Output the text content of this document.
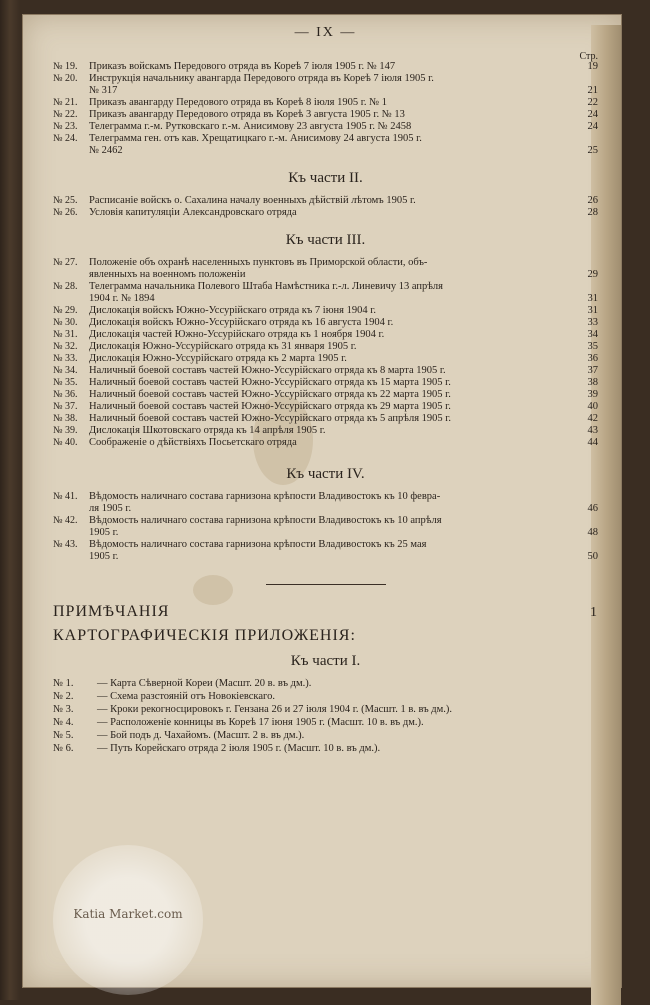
— IX —
Стр.
№ 19.	Приказъ войскамъ Передового отряда въ Корeѣ 7 іюля 1905 г. № 147	19
№ 20.	Инструкція начальнику авангарда Передового отряда въ Корeѣ 7 іюля 1905 г.
№ 317	21
№ 21.	Приказъ авангарду Передового отряда въ Корeѣ 8 іюля 1905 г. № 1	22
№ 22.	Приказъ авангарду Передового отряда въ Корeѣ 3 августа 1905 г. № 13	24
№ 23.	Телеграмма г.-м. Рутковскаго г.-м. Анисимову 23 августа 1905 г. № 2458	24
№ 24.	Телеграмма ген. отъ кав. Хрещатицкаго г.-м. Анисимову 24 августа 1905 г.
№ 2462	25
Къ части II.
№ 25.	Расписаніе войскъ о. Сахалина началу военныхъ дѣйствій лѣтомъ 1905 г.	26
№ 26.	Условія капитуляціи Александровскаго отряда	28
Къ части III.
№ 27.	Положеніе объ охранѣ населенныхъ пунктовъ въ Приморской области, объ-
явленныхъ на военномъ положеніи	29
№ 28.	Телеграмма начальника Полевого Штаба Намѣстника г.-л. Линевичу 13 апрѣля
1904 г. № 1894	31
№ 29.	Дислокація войскъ Южно-Уссурійскаго отряда къ 7 іюня 1904 г.	31
№ 30.	Дислокація войскъ Южно-Уссурійскаго отряда къ 16 августа 1904 г.	33
№ 31.	Дислокація частей Южно-Уссурійскаго отряда къ 1 ноября 1904 г.	34
№ 32.	Дислокація Южно-Уссурійскаго отряда къ 31 января 1905 г.	35
№ 33.	Дислокація Южно-Уссурійскаго отряда къ 2 марта 1905 г.	36
№ 34.	Наличный боевой составъ частей Южно-Уссурійскаго отряда къ 8 марта 1905 г.	37
№ 35.	Наличный боевой составъ частей Южно-Уссурійскаго отряда къ 15 марта 1905 г.	38
№ 36.	Наличный боевой составъ частей Южно-Уссурійскаго отряда къ 22 марта 1905 г.	39
№ 37.	Наличный боевой составъ частей Южно-Уссурійскаго отряда къ 29 марта 1905 г.	40
№ 38.	Наличный боевой составъ частей Южно-Уссурійскаго отряда къ 5 апрѣля 1905 г.	42
№ 39.	Дислокація Шкотовскаго отряда къ 14 апрѣля 1905 г.	43
№ 40.	Соображеніе о дѣйствіяхъ Посьетскаго отряда	44
Къ части IV.
№ 41.	Вѣдомость наличнаго состава гарнизона крѣпости Владивостокъ къ 10 февра-
ля 1905 г.	46
№ 42.	Вѣдомость наличнаго состава гарнизона крѣпости Владивостокъ къ 10 апрѣля
1905 г.	48
№ 43.	Вѣдомость наличнаго состава гарнизона крѣпости Владивостокъ къ 25 мая
1905 г.	50
ПРИМѢЧАНІЯ	1
КАРТОГРАФИЧЕСКІЯ ПРИЛОЖЕНІЯ:
Къ части I.
№ 1.	— Карта Сѣверной Кореи (Масшт. 20 в. въ дм.).
№ 2.	— Схема разстояній отъ Новокіевскаго.
№ 3.	— Кроки рекогносцировокъ г. Гензана 26 и 27 іюля 1904 г. (Масшт. 1 в. въ дм.).
№ 4.	— Расположеніе конницы въ Кореѣ 17 іюня 1905 г. (Масшт. 10 в. въ дм.).
№ 5.	— Бой подъ д. Чахайомъ. (Масшт. 2 в. въ дм.).
№ 6.	— Путь Корейскаго отряда 2 іюля 1905 г. (Масшт. 10 в. въ дм.).
Katia Market.com
